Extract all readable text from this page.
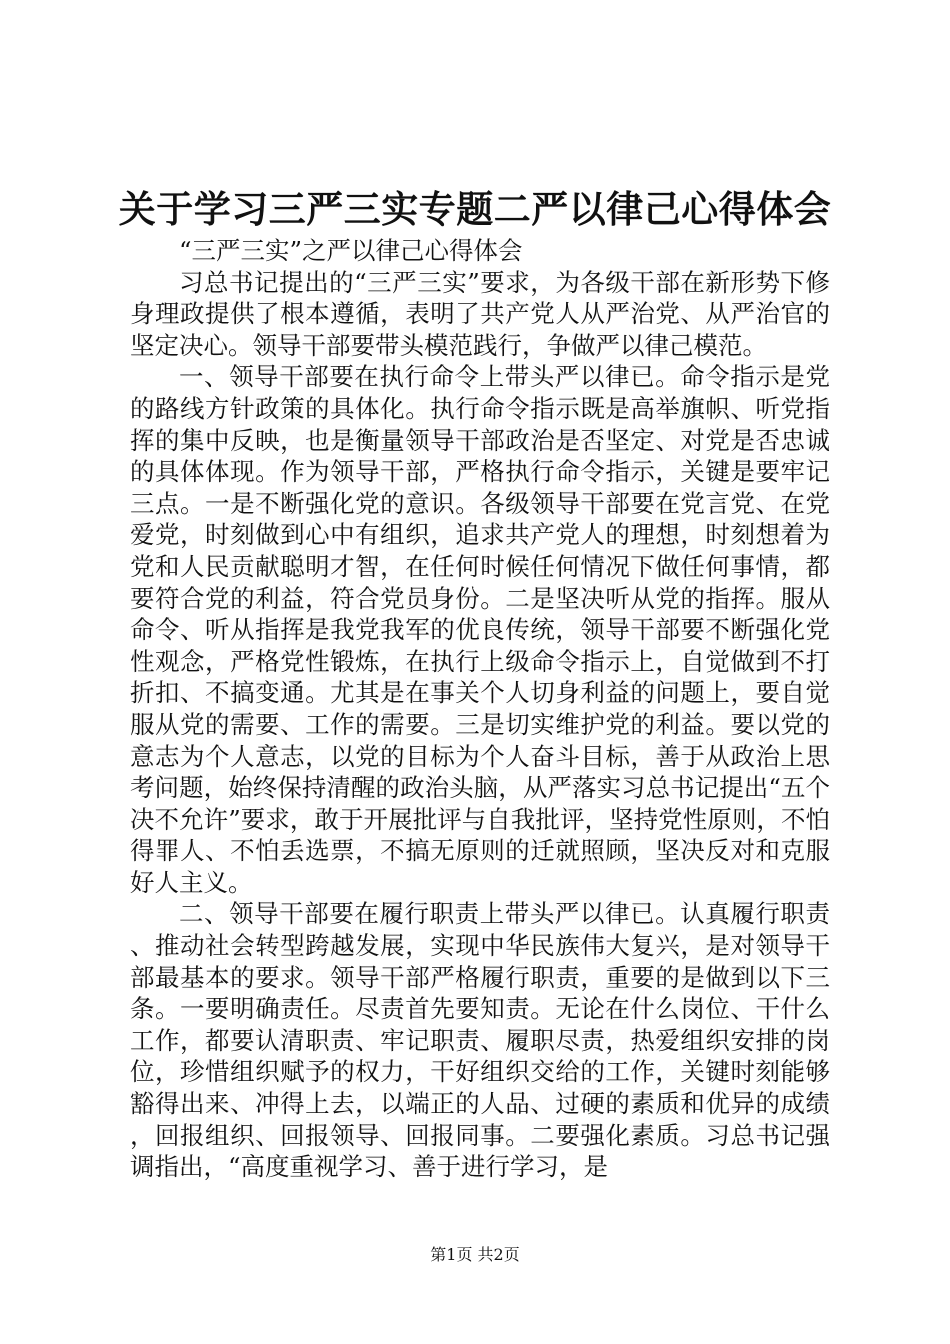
关于学习三严三实专题二严以律己心得体会

“三严三实”之严以律己心得体会

习总书记提出的“三严三实”要求，为各级干部在新形势下修身理政提供了根本遵循，表明了共产党人从严治党、从严治官的坚定决心。领导干部要带头模范践行，争做严以律己模范。

一、领导干部要在执行命令上带头严以律已。命令指示是党的路线方针政策的具体化。执行命令指示既是高举旗帜、听党指挥的集中反映，也是衡量领导干部政治是否坚定、对党是否忠诚的具体体现。作为领导干部，严格执行命令指示，关键是要牢记三点。一是不断强化党的意识。各级领导干部要在党言党、在党爱党，时刻做到心中有组织，追求共产党人的理想，时刻想着为党和人民贡献聪明才智，在任何时候任何情况下做任何事情，都要符合党的利益，符合党员身份。二是坚决听从党的指挥。服从命令、听从指挥是我党我军的优良传统，领导干部要不断强化党性观念，严格党性锻炼，在执行上级命令指示上，自觉做到不打折扣、不搞变通。尤其是在事关个人切身利益的问题上，要自觉服从党的需要、工作的需要。三是切实维护党的利益。要以党的意志为个人意志，以党的目标为个人奋斗目标，善于从政治上思考问题，始终保持清醒的政治头脑，从严落实习总书记提出“五个决不允许”要求，敢于开展批评与自我批评，坚持党性原则，不怕得罪人、不怕丢选票，不搞无原则的迁就照顾，坚决反对和克服好人主义。

二、领导干部要在履行职责上带头严以律已。认真履行职责、推动社会转型跨越发展，实现中华民族伟大复兴，是对领导干部最基本的要求。领导干部严格履行职责，重要的是做到以下三条。一要明确责任。尽责首先要知责。无论在什么岗位、干什么工作，都要认清职责、牢记职责、履职尽责，热爱组织安排的岗位，珍惜组织赋予的权力，干好组织交给的工作，关键时刻能够豁得出来、冲得上去，以端正的人品、过硬的素质和优异的成绩，回报组织、回报领导、回报同事。二要强化素质。习总书记强调指出，“高度重视学习、善于进行学习，是

第1页 共2页
